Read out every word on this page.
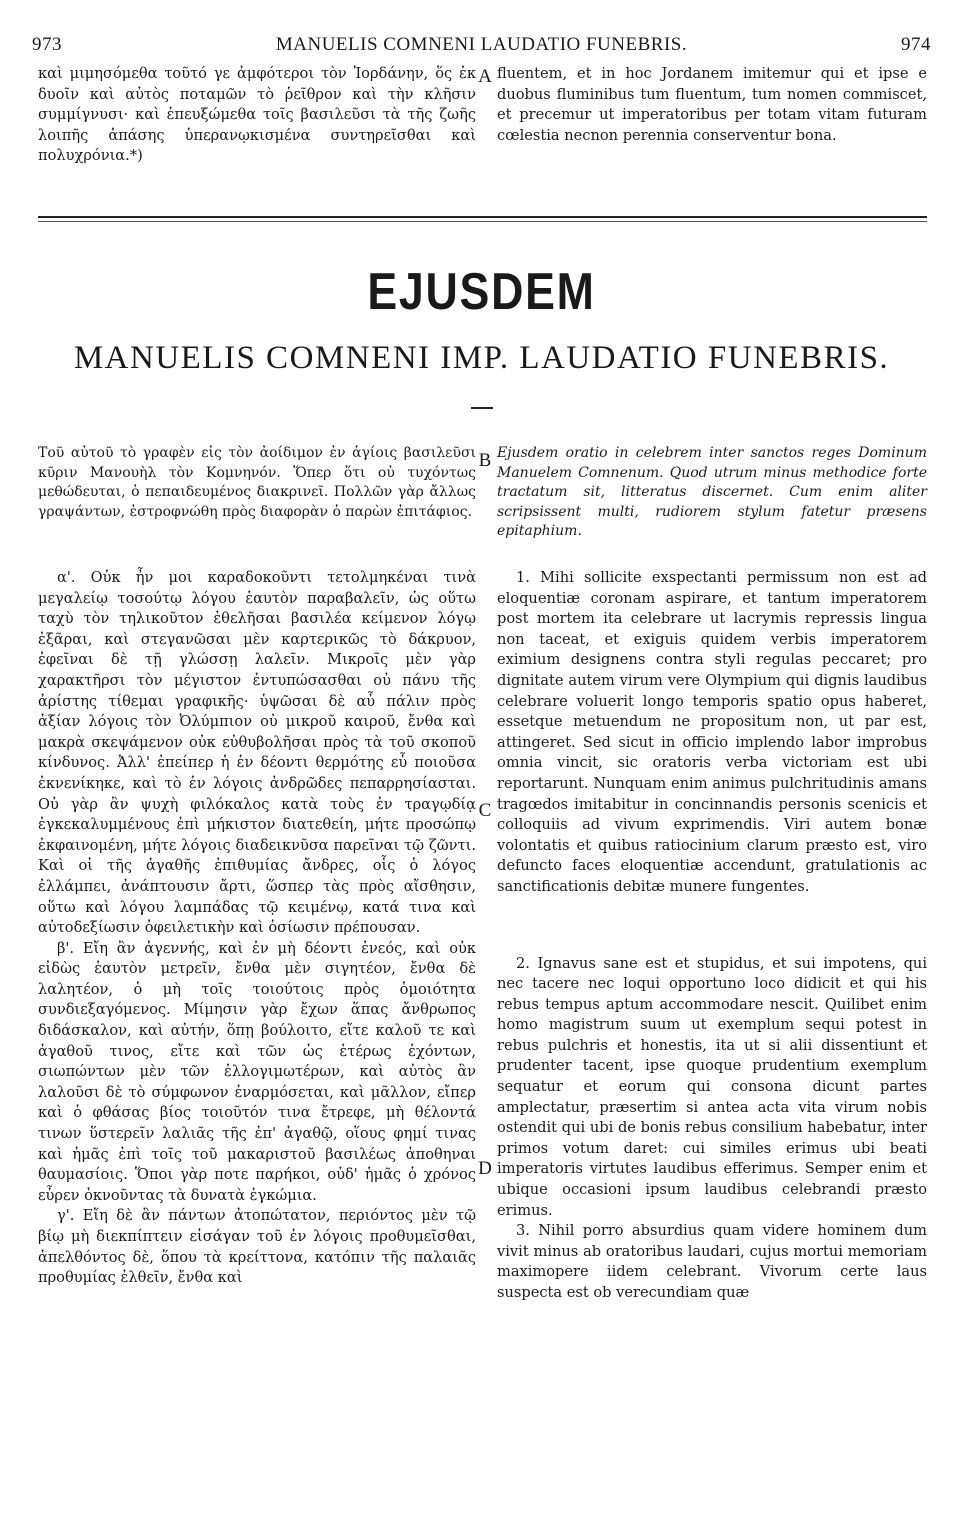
973	MANUELIS COMNENI LAUDATIO FUNEBRIS.	974

καὶ μιμησόμεθα τοῦτό γε ἀμφότεροι τὸν Ἰορδάνην, ὅς ἐκ δυοῖν καὶ αὐτὸς ποταμῶν τὸ ῥεῖθρον καὶ τὴν κλῆσιν συμμίγνυσι· καὶ ἐπευξώμεθα τοῖς βασιλεῦσι τὰ τῆς ζωῆς λοιπῆς ἁπάσης ὑπερανῳκισμένα συντηρεῖσθαι καὶ πολυχρόνια.*)

A fluentem, et in hoc Jordanem imitemur qui et ipse e duobus fluminibus tum fluentum, tum nomen commiscet, et precemur ut imperatoribus per totam vitam futuram cœlestia necnon perennia conserventur bona.

EJUSDEM
MANUELIS COMNENI IMP. LAUDATIO FUNEBRIS.

Τοῦ αὐτοῦ τὸ γραφὲν εἰς τὸν ἀοίδιμον ἐν ἁγίοις βασιλεῦσι κῦριν Μανουὴλ τὸν Κομνηνόν. Ὅπερ ὅτι οὐ τυχόντως μεθώδευται, ὁ πεπαιδευμένος διακρινεῖ. Πολλῶν γὰρ ἄλλως γραψάντων, ἐστροφνώθη πρὸς διαφορὰν ὁ παρὼν ἐπιτάφιος.

B Ejusdem oratio in celebrem inter sanctos reges Dominum Manuelem Comnenum. Quod utrum minus methodice forte tractatum sit, litteratus discernet. Cum enim aliter scripsissent multi, rudiorem stylum fatetur præsens epitaphium.

α'. Οὐκ ἦν μοι καραδοκοῦντι τετολμηκέναι τινὰ μεγαλείῳ τοσούτῳ λόγου ἑαυτὸν παραβαλεῖν, ὡς οὕτω ταχὺ τὸν τηλικοῦτον ἐθελῆσαι βασιλέα κείμενον λόγῳ ἐξᾶραι, καὶ στεγανῶσαι μὲν καρτερικῶς τὸ δάκρυον, ἐφεῖναι δὲ τῇ γλώσσῃ λαλεῖν. Μικροῖς μὲν γὰρ χαρακτῆρσι τὸν μέγιστον ἐντυπώσασθαι οὐ πάνυ τῆς ἀρίστης τίθεμαι γραφικῆς· ὑψῶσαι δὲ αὖ πάλιν πρὸς ἀξίαν λόγοις τὸν Ὀλύμπιον οὐ μικροῦ καιροῦ, ἔνθα καὶ μακρὰ σκεψάμενον οὐκ εὐθυβολῆσαι πρὸς τὰ τοῦ σκοποῦ κίνδυνος. Ἀλλ' ἐπείπερ ἡ ἐν δέοντι θερμότης εὖ ποιοῦσα ἐκνενίκηκε, καὶ τὸ ἐν λόγοις ἀνδρῶδες πεπαρρησίασται. Οὐ γὰρ ἂν ψυχὴ φιλόκαλος κατὰ τοὺς ἐν τραγῳδίᾳ ἐγκεκαλυμμένους ἐπὶ μήκιστον διατεθείη, μήτε προσώπῳ ἐκφαινομένη, μήτε λόγοις διαδεικνῦσα παρεῖναι τῷ ζῶντι. Καὶ οἱ τῆς ἀγαθῆς ἐπιθυμίας ἄνδρες, οἷς ὁ λόγος ἐλλάμπει, ἀνάπτουσιν ἄρτι, ὥσπερ τὰς πρὸς αἴσθησιν, οὕτω καὶ λόγου λαμπάδας τῷ κειμένῳ, κατά τινα καὶ αὐτοδεξίωσιν ὀφειλετικὴν καὶ ὁσίωσιν πρέπουσαν.

β'. Εἴη ἂν ἀγεννής, καὶ ἐν μὴ δέοντι ἐνεός, καὶ οὐκ εἰδὼς ἑαυτὸν μετρεῖν, ἔνθα μὲν σιγητέον, ἔνθα δὲ λαλητέον, ὁ μὴ τοῖς τοιούτοις πρὸς ὁμοιότητα συνδιεξαγόμενος. Μίμησιν γὰρ ἔχων ἅπας ἄνθρωπος διδάσκαλον, καὶ αὐτήν, ὅπῃ βούλοιτο, εἴτε καλοῦ τε καὶ ἀγαθοῦ τινος, εἴτε καὶ τῶν ὡς ἑτέρως ἐχόντων, σιωπώντων μὲν τῶν ἐλλογιμωτέρων, καὶ αὐτὸς ἂν λαλοῦσι δὲ τὸ σύμφωνον ἐναρμόσεται, καὶ μᾶλλον, εἴπερ καὶ ὁ φθάσας βίος τοιοῦτόν τινα ἔτρεφε, μὴ θέλοντά τινων ὕστερεῖν λαλιᾶς τῆς ἐπ' ἀγαθῷ, οἵους φημί τινας καὶ ἡμᾶς ἐπὶ τοῖς τοῦ μακαριστοῦ βασιλέως ἀποθηναι θαυμασίοις. Ὅποι γὰρ ποτε παρήκοι, οὐδ' ἡμᾶς ὁ χρόνος εὗρεν ὀκνοῦντας τὰ δυνατὰ ἐγκώμια.

γ'. Εἴη δὲ ἂν πάντων ἀτοπώτατον, περιόντος μὲν τῷ βίῳ μὴ διεκπίπτειν εἰσάγαν τοῦ ἐν λόγοις προθυμεῖσθαι, ἀπελθόντος δὲ, ὅπου τὰ κρείττονα, κατόπιν τῆς παλαιᾶς προθυμίας ἐλθεῖν, ἔνθα καὶ

C
D

1. Mihi sollicite exspectanti permissum non est ad eloquentiæ coronam aspirare, et tantum imperatorem post mortem ita celebrare ut lacrymis repressis lingua non taceat, et exiguis quidem verbis imperatorem eximium designens contra styli regulas peccaret; pro dignitate autem virum vere Olympium qui dignis laudibus celebrare voluerit longo temporis spatio opus haberet, essetque metuendum ne propositum non, ut par est, attingeret. Sed sicut in officio implendo labor improbus omnia vincit, sic oratoris verba victoriam est ubi reportarunt. Nunquam enim animus pulchritudinis amans tragœdos imitabitur in concinnandis personis scenicis et colloquiis ad vivum exprimendis. Viri autem bonæ volontatis et quibus ratiocinium clarum præsto est, viro defuncto faces eloquentiæ accendunt, gratulationis ac sanctificationis debitæ munere fungentes.

2. Ignavus sane est et stupidus, et sui impotens, qui nec tacere nec loqui opportuno loco didicit et qui his rebus tempus aptum accommodare nescit. Quilibet enim homo magistrum suum ut exemplum sequi potest in rebus pulchris et honestis, ita ut si alii dissentiunt et prudenter tacent, ipse quoque prudentium exemplum sequatur et eorum qui consona dicunt partes amplectatur, præsertim si antea acta vita virum nobis ostendit qui ubi de bonis rebus consilium habebatur, inter primos votum daret: cui similes erimus ubi beati imperatoris virtutes laudibus efferimus. Semper enim et ubique occasioni ipsum laudibus celebrandi præsto erimus.

3. Nihil porro absurdius quam videre hominem dum vivit minus ab oratoribus laudari, cujus mortui memoriam maximopere iidem celebrant. Vivorum certe laus suspecta est ob verecundiam quæ
